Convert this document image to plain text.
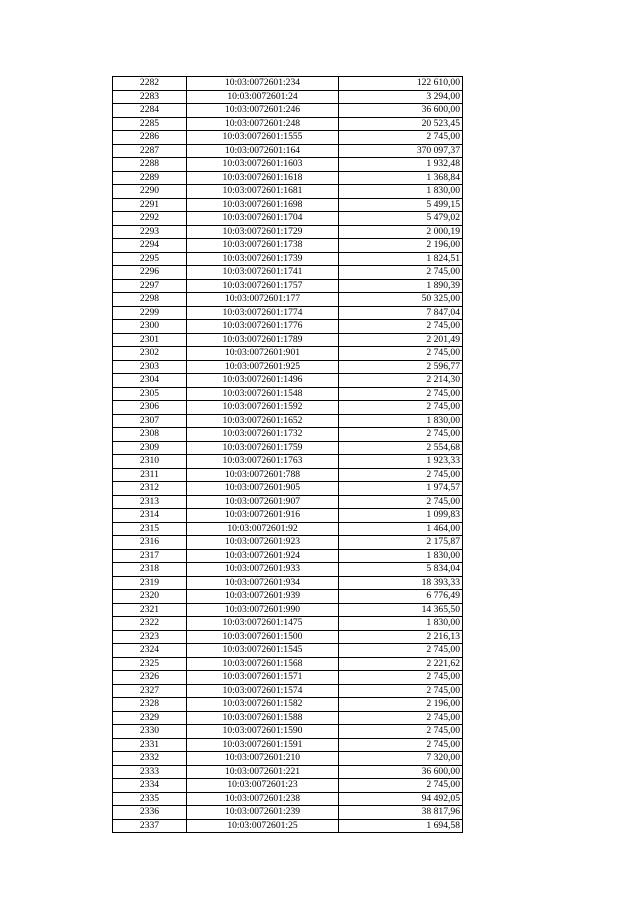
2282	10:03:0072601:234	122 610,00
2283	10:03:0072601:24	3 294,00
2284	10:03:0072601:246	36 600,00
2285	10:03:0072601:248	20 523,45
2286	10:03:0072601:1555	2 745,00
2287	10:03:0072601:164	370 097,37
2288	10:03:0072601:1603	1 932,48
2289	10:03:0072601:1618	1 368,84
2290	10:03:0072601:1681	1 830,00
2291	10:03:0072601:1698	5 499,15
2292	10:03:0072601:1704	5 479,02
2293	10:03:0072601:1729	2 000,19
2294	10:03:0072601:1738	2 196,00
2295	10:03:0072601:1739	1 824,51
2296	10:03:0072601:1741	2 745,00
2297	10:03:0072601:1757	1 890,39
2298	10:03:0072601:177	50 325,00
2299	10:03:0072601:1774	7 847,04
2300	10:03:0072601:1776	2 745,00
2301	10:03:0072601:1789	2 201,49
2302	10:03:0072601:901	2 745,00
2303	10:03:0072601:925	2 596,77
2304	10:03:0072601:1496	2 214,30
2305	10:03:0072601:1548	2 745,00
2306	10:03:0072601:1592	2 745,00
2307	10:03:0072601:1652	1 830,00
2308	10:03:0072601:1732	2 745,00
2309	10:03:0072601:1759	2 554,68
2310	10:03:0072601:1763	1 923,33
2311	10:03:0072601:788	2 745,00
2312	10:03:0072601:905	1 974,57
2313	10:03:0072601:907	2 745,00
2314	10:03:0072601:916	1 099,83
2315	10:03:0072601:92	1 464,00
2316	10:03:0072601:923	2 175,87
2317	10:03:0072601:924	1 830,00
2318	10:03:0072601:933	5 834,04
2319	10:03:0072601:934	18 393,33
2320	10:03:0072601:939	6 776,49
2321	10:03:0072601:990	14 365,50
2322	10:03:0072601:1475	1 830,00
2323	10:03:0072601:1500	2 216,13
2324	10:03:0072601:1545	2 745,00
2325	10:03:0072601:1568	2 221,62
2326	10:03:0072601:1571	2 745,00
2327	10:03:0072601:1574	2 745,00
2328	10:03:0072601:1582	2 196,00
2329	10:03:0072601:1588	2 745,00
2330	10:03:0072601:1590	2 745,00
2331	10:03:0072601:1591	2 745,00
2332	10:03:0072601:210	7 320,00
2333	10:03:0072601:221	36 600,00
2334	10:03:0072601:23	2 745,00
2335	10:03:0072601:238	94 492,05
2336	10:03:0072601:239	38 817,96
2337	10:03:0072601:25	1 694,58
